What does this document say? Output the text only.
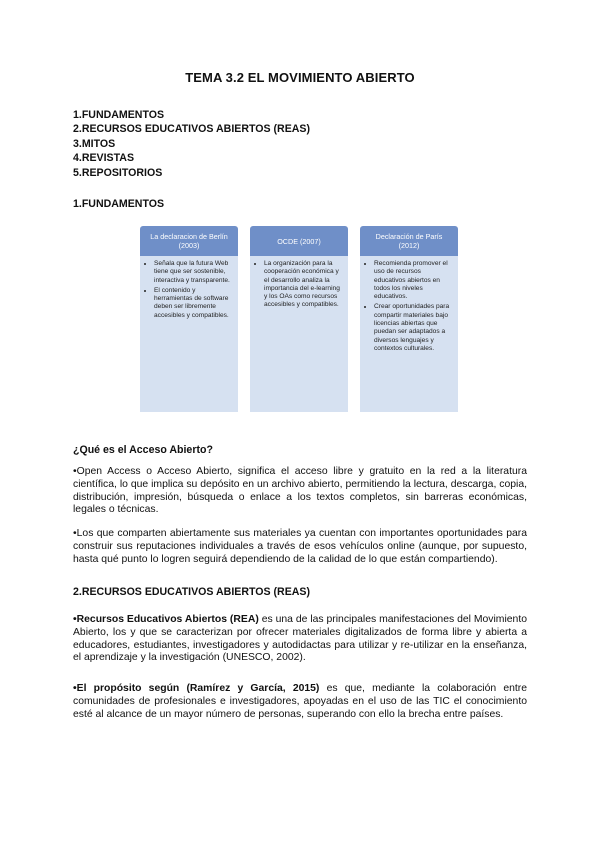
TEMA 3.2 EL MOVIMIENTO ABIERTO
1.FUNDAMENTOS
2.RECURSOS EDUCATIVOS ABIERTOS (REAS)
3.MITOS
4.REVISTAS
5.REPOSITORIOS
1.FUNDAMENTOS
La declaracion de Berlín (2003)
• Señala que la futura Web tiene que ser sostenible, interactiva y transparente.
• El contenido y herramientas de software deben ser libremente accesibles y compatibles.
OCDE (2007)
• La organización para la cooperación económica y el desarrollo analiza la importancia del e-learning y los OAs como recursos accesibles y compatibles.
Declaración de París (2012)
• Recomienda promover el uso de recursos educativos abiertos en todos los niveles educativos.
• Crear oportunidades para compartir materiales bajo licencias abiertas que puedan ser adaptados a diversos lenguajes y contextos culturales.
¿Qué es el Acceso Abierto?

•Open Access o Acceso Abierto, significa el acceso libre y gratuito en la red a la literatura científica, lo que implica su depósito en un archivo abierto, permitiendo la lectura, descarga, copia, distribución, impresión, búsqueda o enlace a los textos completos, sin barreras económicas, legales o técnicas.

•Los que comparten abiertamente sus materiales ya cuentan con importantes oportunidades para construir sus reputaciones individuales a través de esos vehículos online (aunque, por supuesto, hasta qué punto lo logren seguirá dependiendo de la calidad de lo que están compartiendo).

2.RECURSOS EDUCATIVOS ABIERTOS (REAS)

•Recursos Educativos Abiertos (REA) es una de las principales manifestaciones del Movimiento Abierto, los y que se caracterizan por ofrecer materiales digitalizados de forma libre y abierta a educadores, estudiantes, investigadores y autodidactas para utilizar y re-utilizar en la enseñanza, el aprendizaje y la investigación (UNESCO, 2002).

•El propósito según (Ramírez y García, 2015) es que, mediante la colaboración entre comunidades de profesionales e investigadores, apoyadas en el uso de las TIC el conocimiento esté al alcance de un mayor número de personas, superando con ello la brecha entre países.
